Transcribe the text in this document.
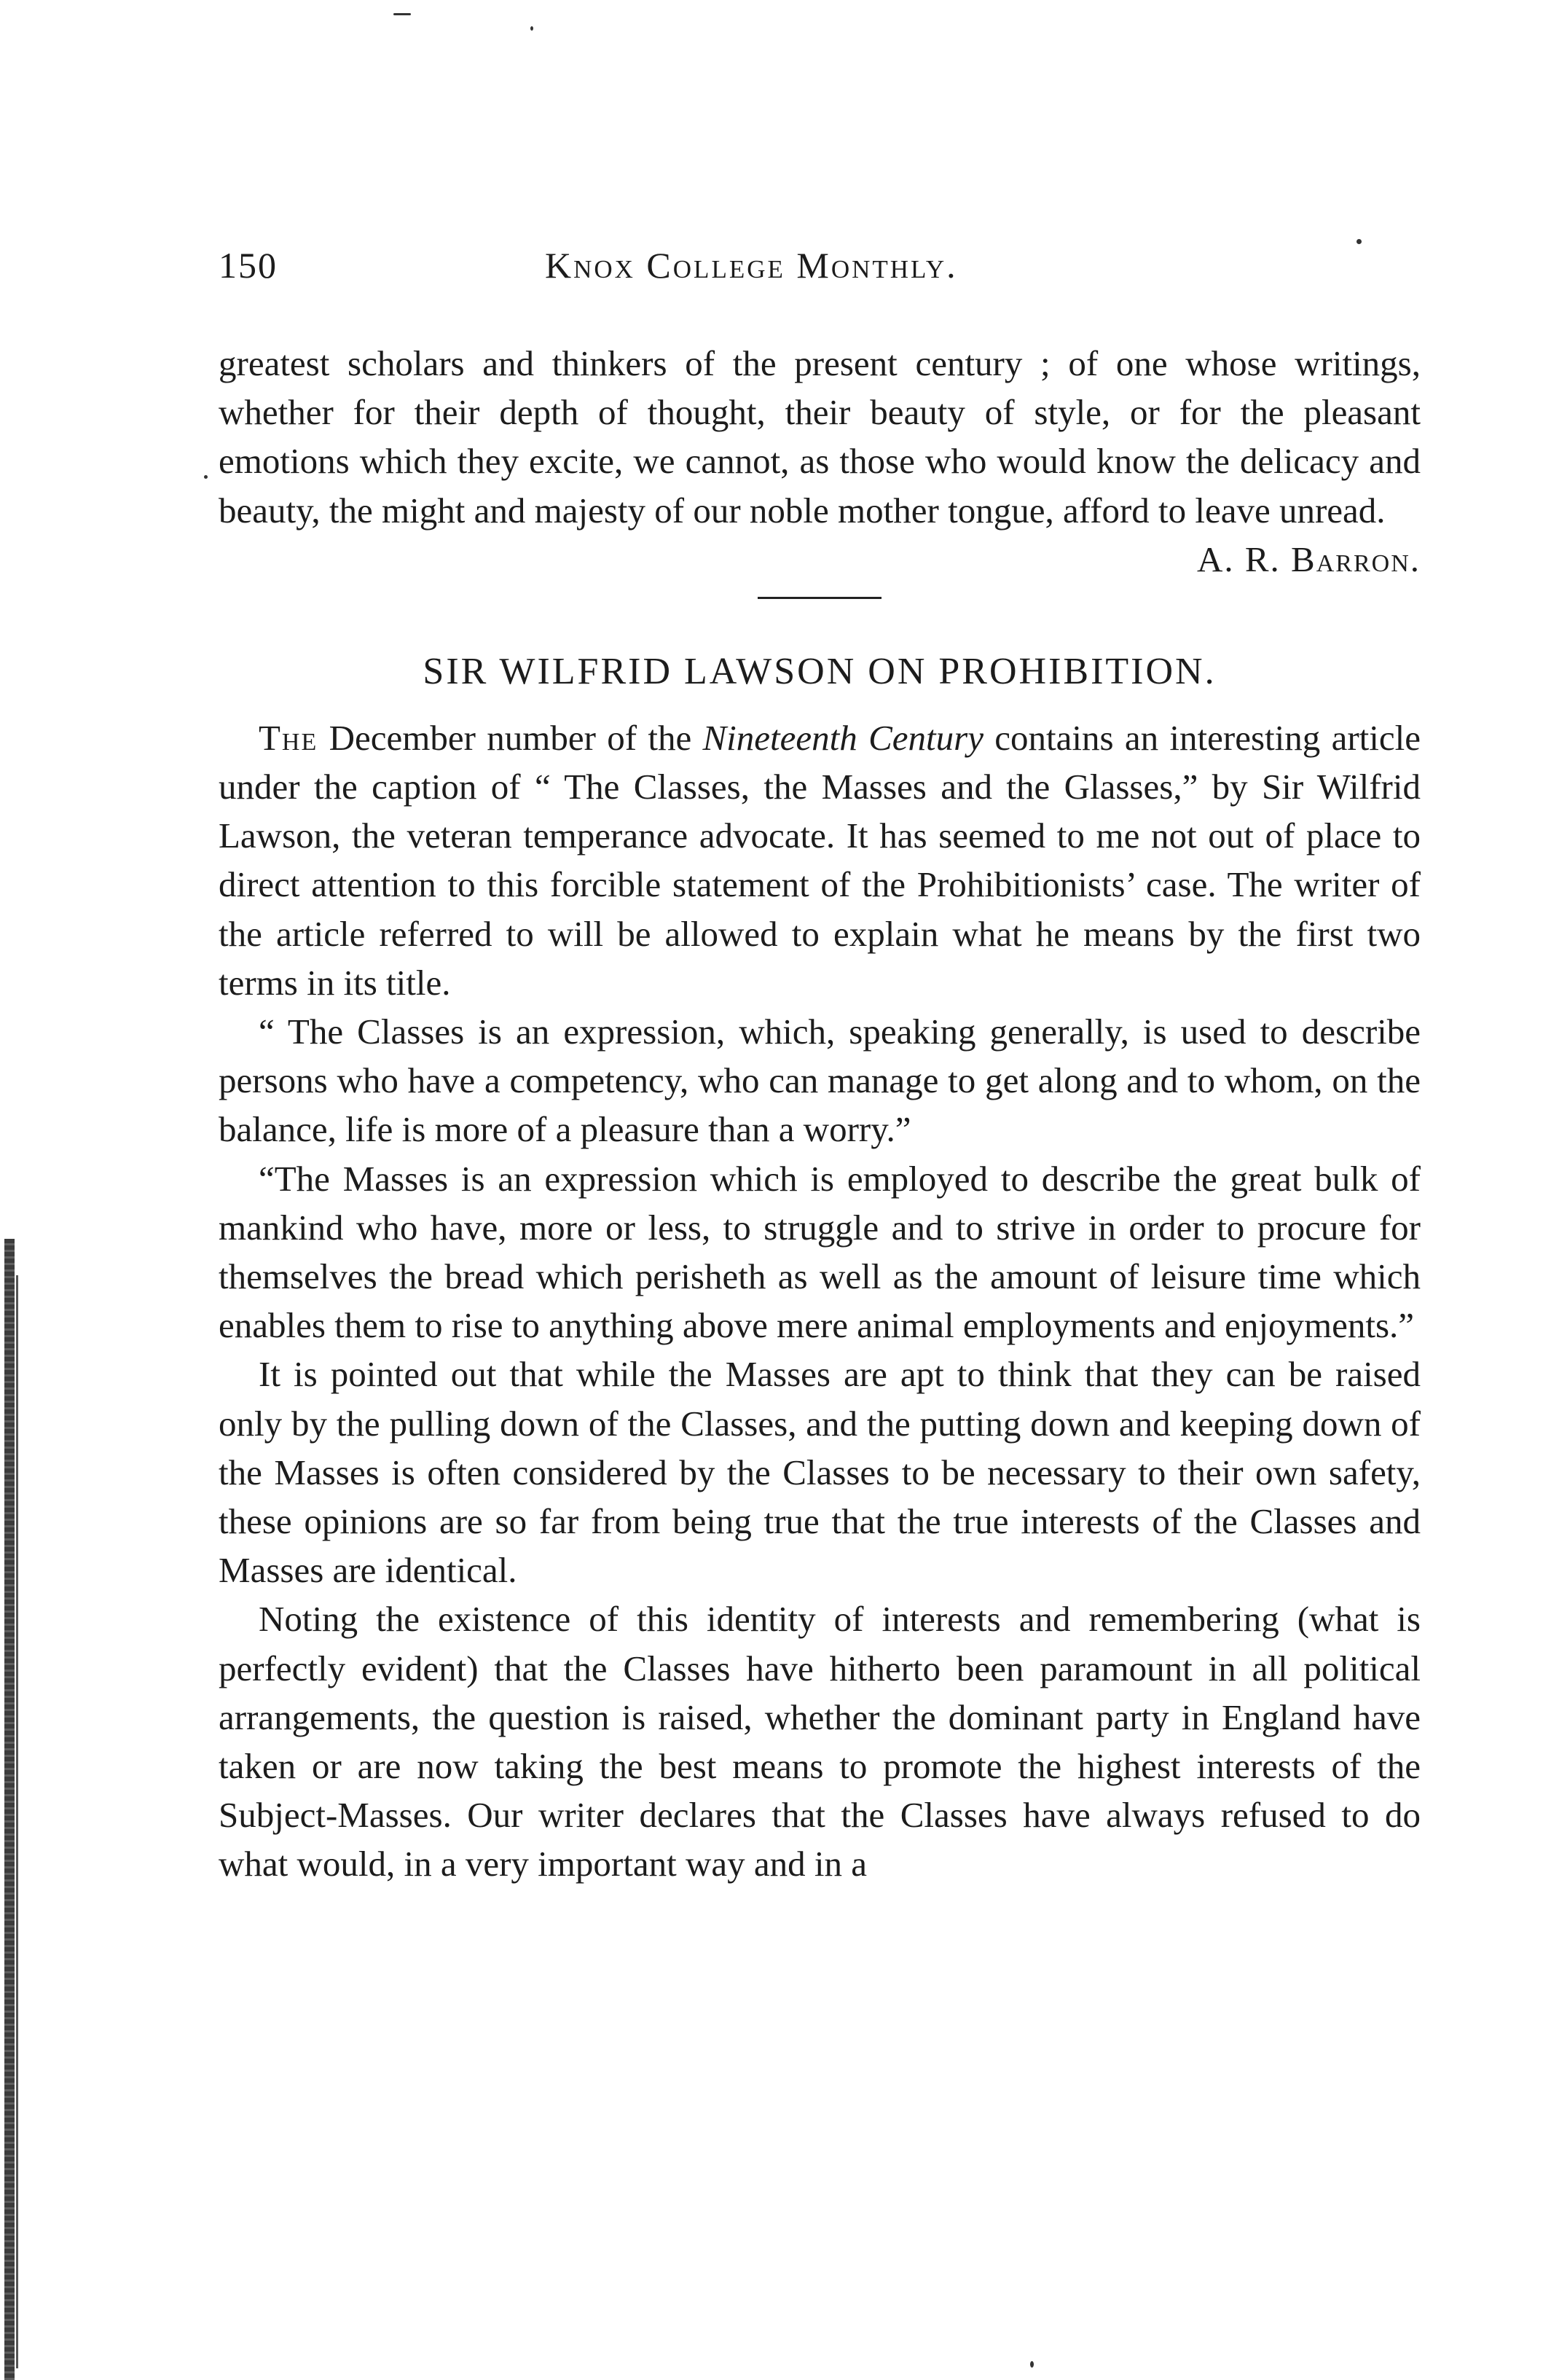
150	Knox College Monthly.

greatest scholars and thinkers of the present century ; of one whose writings, whether for their depth of thought, their beauty of style, or for the pleasant emotions which they excite, we cannot, as those who would know the delicacy and beauty, the might and majesty of our noble mother tongue, afford to leave unread.

A. R. Barron.

SIR WILFRID LAWSON ON PROHIBITION.

The December number of the Nineteenth Century contains an interesting article under the caption of “ The Classes, the Masses and the Glasses,” by Sir Wilfrid Lawson, the veteran temperance advocate. It has seemed to me not out of place to direct attention to this forcible statement of the Prohibitionists’ case. The writer of the article referred to will be allowed to explain what he means by the first two terms in its title.

“ The Classes is an expression, which, speaking generally, is used to describe persons who have a competency, who can manage to get along and to whom, on the balance, life is more of a pleasure than a worry.”

“The Masses is an expression which is employed to describe the great bulk of mankind who have, more or less, to struggle and to strive in order to procure for themselves the bread which perisheth as well as the amount of leisure time which enables them to rise to anything above mere animal employments and enjoyments.”

It is pointed out that while the Masses are apt to think that they can be raised only by the pulling down of the Classes, and the putting down and keeping down of the Masses is often considered by the Classes to be necessary to their own safety, these opinions are so far from being true that the true interests of the Classes and Masses are identical.

Noting the existence of this identity of interests and remembering (what is perfectly evident) that the Classes have hitherto been paramount in all political arrangements, the question is raised, whether the dominant party in England have taken or are now taking the best means to promote the highest interests of the Subject-Masses. Our writer declares that the Classes have always refused to do what would, in a very important way and in a
